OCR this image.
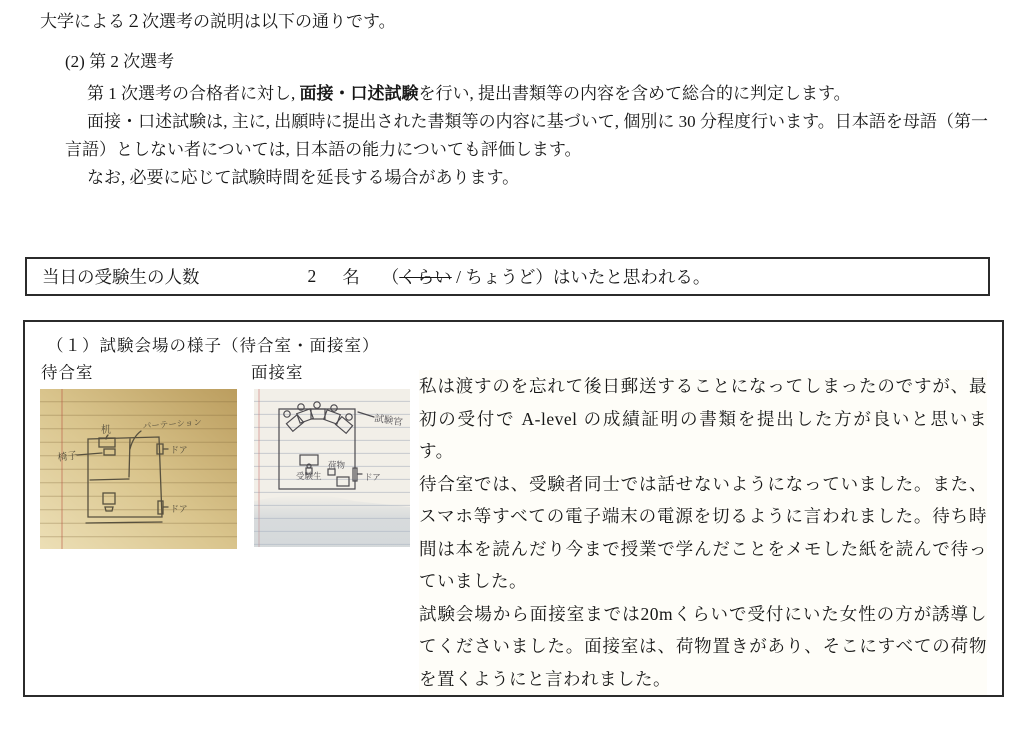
大学による２次選考の説明は以下の通りです。

(2) 第 2 次選考

第 1 次選考の合格者に対し, 面接・口述試験を行い, 提出書類等の内容を含めて総合的に判定します。

面接・口述試験は, 主に, 出願時に提出された書類等の内容に基づいて, 個別に 30 分程度行います。日本語を母語（第一言語）としない者については, 日本語の能力についても評価します。

なお, 必要に応じて試験時間を延長する場合があります。

当日の受験生の人数	2 名 （くらい / ちょうど） はいたと思われる。
（１）試験会場の様子（待合室・面接室）
待合室	面接室
机	パーテーション
椅子
ドア
ドア
試験官
受験生
荷物
ドア

私は渡すのを忘れて後日郵送することになってしまったのですが、最初の受付で A-level の成績証明の書類を提出した方が良いと思います。

待合室では、受験者同士では話せないようになっていました。また、スマホ等すべての電子端末の電源を切るように言われました。待ち時間は本を読んだり今まで授業で学んだことをメモした紙を読んで待っていました。

試験会場から面接室までは20mくらいで受付にいた女性の方が誘導してくださいました。面接室は、荷物置きがあり、そこにすべての荷物を置くようにと言われました。
